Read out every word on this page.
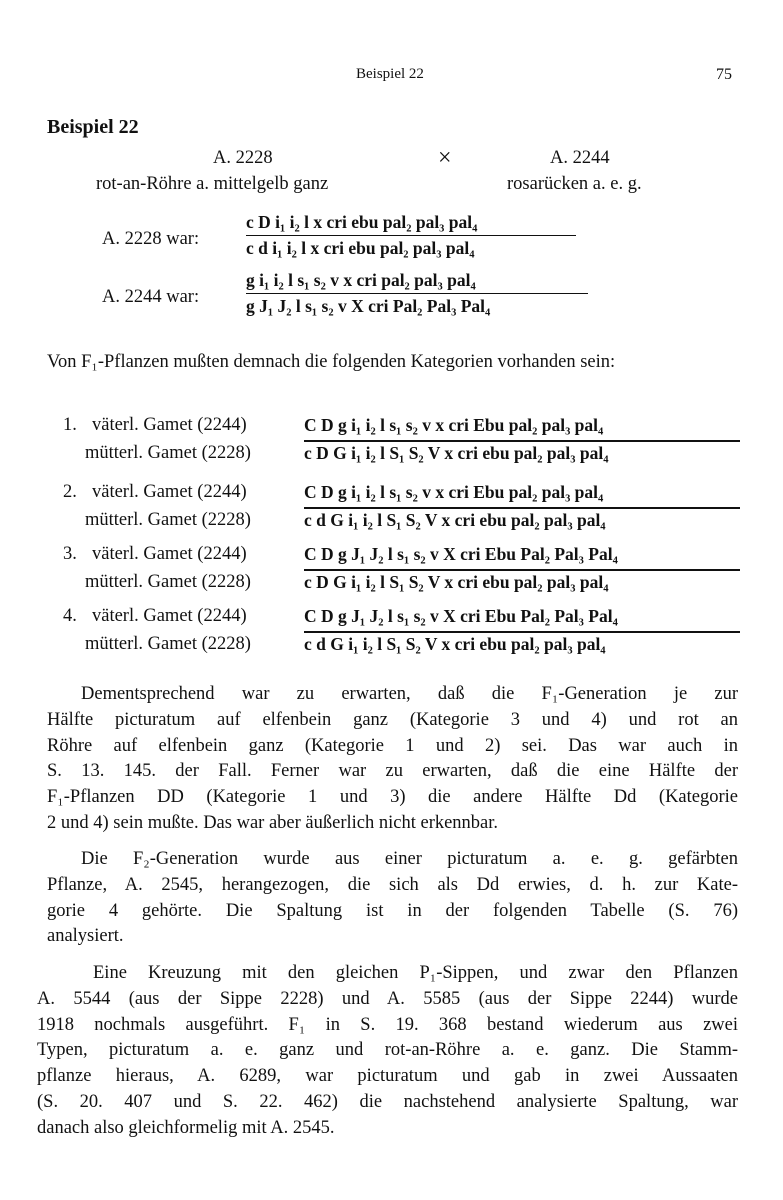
Beispiel 22	75
Beispiel 22
A. 2228	×	A. 2244
rot-an-Röhre a. mittelgelb ganz	rosarücken a. e. g.
A. 2228 war:
c D i₁ i₂ l x cri ebu pal₂ pal₃ pal₄
c d i₁ i₂ l x cri ebu pal₂ pal₃ pal₄
A. 2244 war:
g i₁ i₂ l s₁ s₂ v x cri pal₂ pal₃ pal₄
g J₁ J₂ l s₁ s₂ v X cri Pal₂ Pal₃ Pal₄
Von F₁-Pflanzen mußten demnach die folgenden Kategorien vorhanden sein:
1. väterl. Gamet (2244)	C D g i₁ i₂ l s₁ s₂ v x cri Ebu pal₂ pal₃ pal₄
mütterl. Gamet (2228)	c D G i₁ i₂ l S₁ S₂ V x cri ebu pal₂ pal₃ pal₄
2. väterl. Gamet (2244)	C D g i₁ i₂ l s₁ s₂ v x cri Ebu pal₂ pal₃ pal₄
mütterl. Gamet (2228)	c d G i₁ i₂ l S₁ S₂ V x cri ebu pal₂ pal₃ pal₄
3. väterl. Gamet (2244)	C D g J₁ J₂ l s₁ s₂ v X cri Ebu Pal₂ Pal₃ Pal₄
mütterl. Gamet (2228)	c D G i₁ i₂ l S₁ S₂ V x cri ebu pal₂ pal₃ pal₄
4. väterl. Gamet (2244)	C D g J₁ J₂ l s₁ s₂ v X cri Ebu Pal₂ Pal₃ Pal₄
mütterl. Gamet (2228)	c d G i₁ i₂ l S₁ S₂ V x cri ebu pal₂ pal₃ pal₄
Dementsprechend war zu erwarten, daß die F₁-Generation je zur
Hälfte picturatum auf elfenbein ganz (Kategorie 3 und 4) und rot an
Röhre auf elfenbein ganz (Kategorie 1 und 2) sei. Das war auch in
S. 13. 145. der Fall. Ferner war zu erwarten, daß die eine Hälfte der
F₁-Pflanzen DD (Kategorie 1 und 3) die andere Hälfte Dd (Kategorie
2 und 4) sein mußte. Das war aber äußerlich nicht erkennbar.
Die F₂-Generation wurde aus einer picturatum a. e. g. gefärbten
Pflanze, A. 2545, herangezogen, die sich als Dd erwies, d. h. zur Kate-
gorie 4 gehörte. Die Spaltung ist in der folgenden Tabelle (S. 76)
analysiert.
Eine Kreuzung mit den gleichen P₁-Sippen, und zwar den Pflanzen
A. 5544 (aus der Sippe 2228) und A. 5585 (aus der Sippe 2244) wurde
1918 nochmals ausgeführt. F₁ in S. 19. 368 bestand wiederum aus zwei
Typen, picturatum a. e. ganz und rot-an-Röhre a. e. ganz. Die Stamm-
pflanze hieraus, A. 6289, war picturatum und gab in zwei Aussaaten
(S. 20. 407 und S. 22. 462) die nachstehend analysierte Spaltung, war
danach also gleichformelig mit A. 2545.
